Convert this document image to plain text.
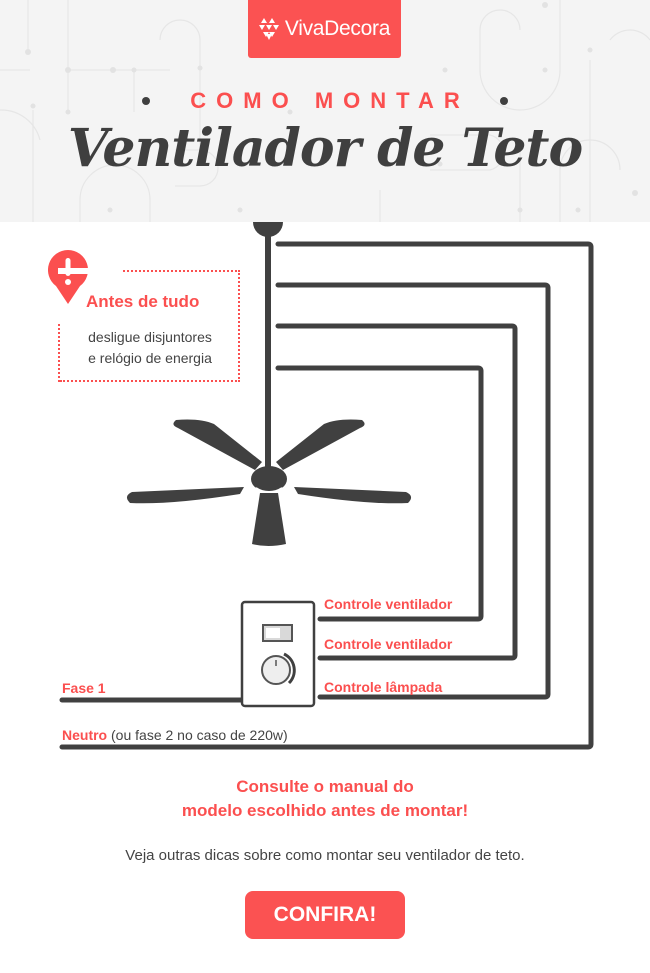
VivaDecora
COMO MONTAR
Ventilador de Teto
Antes de tudo
desligue disjuntores
e relógio de energia
Controle ventilador
Controle ventilador
Controle lâmpada
Fase 1
Neutro (ou fase 2 no caso de 220w)
Consulte o manual do
modelo escolhido antes de montar!
Veja outras dicas sobre como montar seu ventilador de teto.
CONFIRA!
